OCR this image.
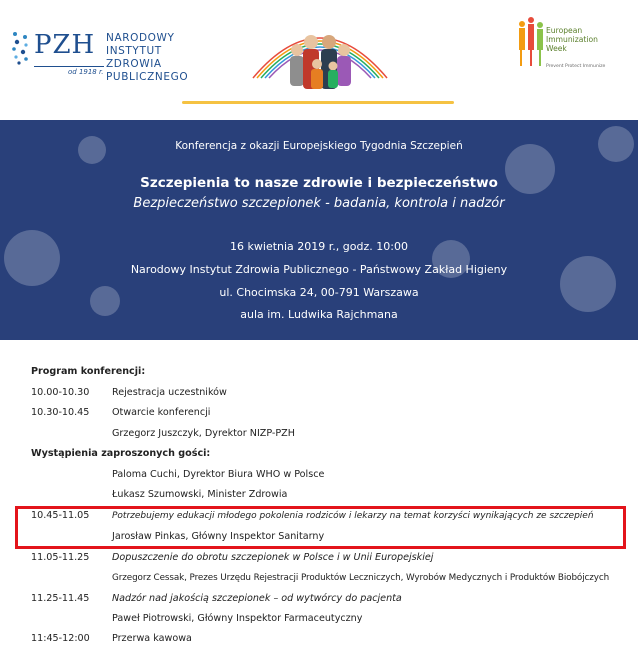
PZH NARODOWY INSTYTUT
ZDROWIA PUBLICZNEGO
od 1918 r.
European
Immunization
Week
Prevent Protect Immunize
Konferencja z okazji Europejskiego Tygodnia Szczepień
Szczepienia to nasze zdrowie i bezpieczeństwo
Bezpieczeństwo szczepionek - badania, kontrola i nadzór
16 kwietnia 2019 r., godz. 10:00
Narodowy Instytut Zdrowia Publicznego - Państwowy Zakład Higieny
ul. Chocimska 24, 00-791 Warszawa
aula im. Ludwika Rajchmana
Program konferencji:
10.00-10.30 Rejestracja uczestników
10.30-10.45 Otwarcie konferencji
Grzegorz Juszczyk, Dyrektor NIZP-PZH
Wystąpienia zaproszonych gości:
Paloma Cuchi, Dyrektor Biura WHO w Polsce
Łukasz Szumowski, Minister Zdrowia
10.45-11.05	Potrzebujemy edukacji młodego pokolenia rodziców i lekarzy na temat korzyści wynikających ze szczepień
Jarosław Pinkas, Główny Inspektor Sanitarny
11.05-11.25 Dopuszczenie do obrotu szczepionek w Polsce i w Unii Europejskiej
Grzegorz Cessak, Prezes Urzędu Rejestracji Produktów Leczniczych, Wyrobów Medycznych i Produktów Biobójczych
11.25-11.45 Nadzór nad jakością szczepionek – od wytwórcy do pacjenta
Paweł Piotrowski, Główny Inspektor Farmaceutyczny
11:45-12:00 Przerwa kawowa
